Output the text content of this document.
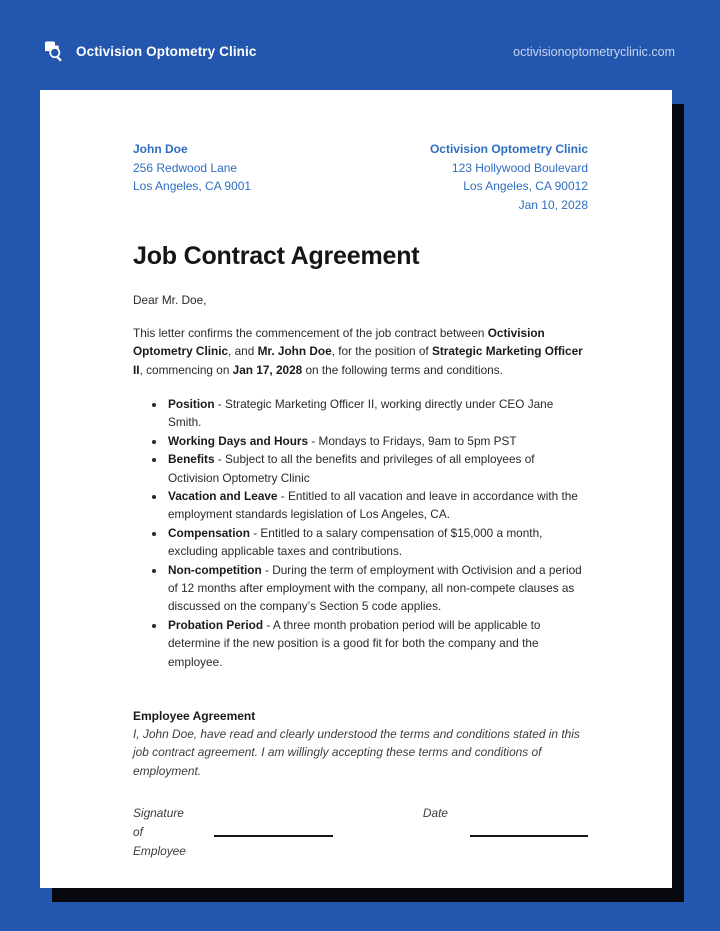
Octivision Optometry Clinic	octivisionoptometryclinic.com
John Doe
256 Redwood Lane
Los Angeles, CA 9001
Octivision Optometry Clinic
123 Hollywood Boulevard
Los Angeles, CA 90012
Jan 10, 2028
Job Contract Agreement
Dear Mr. Doe,
This letter confirms the commencement of the job contract between Octivision Optometry Clinic, and Mr. John Doe, for the position of Strategic Marketing Officer II, commencing on Jan 17, 2028 on the following terms and conditions.
• Position - Strategic Marketing Officer II, working directly under CEO Jane Smith.
• Working Days and Hours - Mondays to Fridays, 9am to 5pm PST
• Benefits - Subject to all the benefits and privileges of all employees of Octivision Optometry Clinic
• Vacation and Leave - Entitled to all vacation and leave in accordance with the employment standards legislation of Los Angeles, CA.
• Compensation - Entitled to a salary compensation of $15,000 a month, excluding applicable taxes and contributions.
• Non-competition - During the term of employment with Octivision and a period of 12 months after employment with the company, all non-compete clauses as discussed on the company’s Section 5 code applies.
• Probation Period - A three month probation period will be applicable to determine if the new position is a good fit for both the company and the employee.
Employee Agreement
I, John Doe, have read and clearly understood the terms and conditions stated in this job contract agreement. I am willingly accepting these terms and conditions of employment.
Signature
of Employee
Date
